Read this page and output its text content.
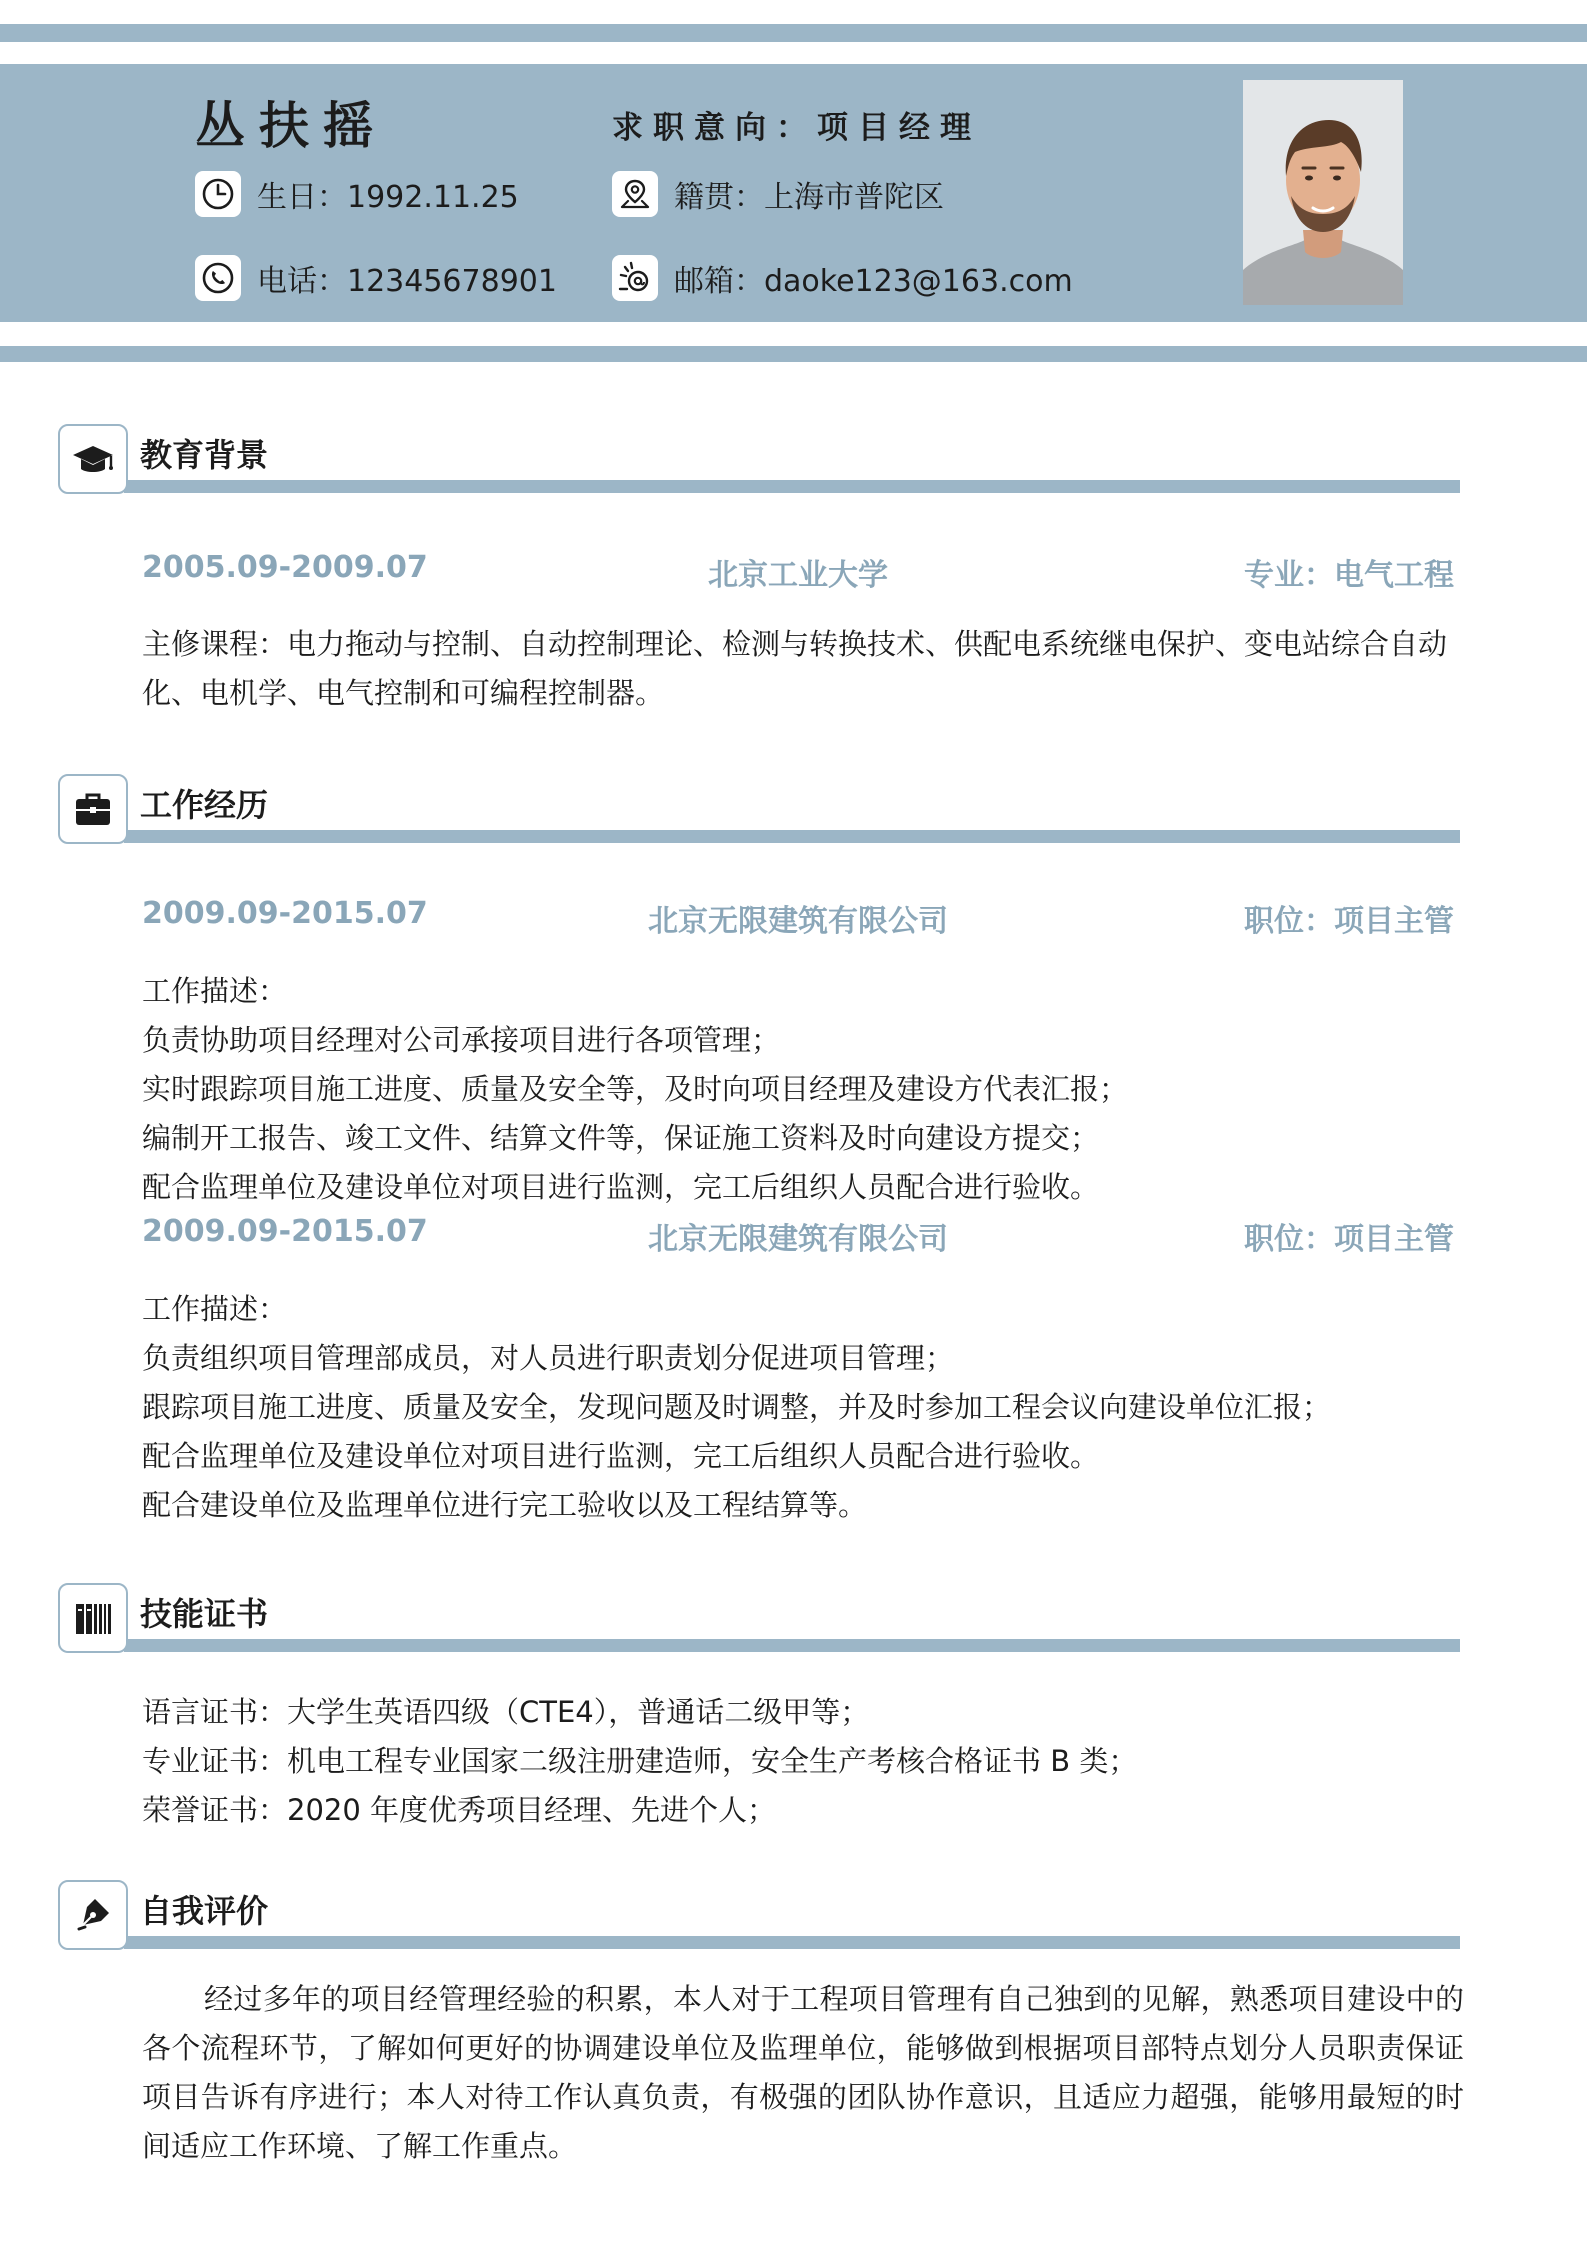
丛扶摇	求职意向：项目经理
生日：1992.11.25	籍贯：上海市普陀区
电话：12345678901	邮箱：daoke123@163.com
教育背景
2005.09-2009.07	北京工业大学	专业：电气工程
主修课程：电力拖动与控制、自动控制理论、检测与转换技术、供配电系统继电保护、变电站综合自动
化、电机学、电气控制和可编程控制器。
工作经历
2009.09-2015.07	北京无限建筑有限公司	职位：项目主管
工作描述：
负责协助项目经理对公司承接项目进行各项管理；
实时跟踪项目施工进度、质量及安全等，及时向项目经理及建设方代表汇报；
编制开工报告、竣工文件、结算文件等，保证施工资料及时向建设方提交；
配合监理单位及建设单位对项目进行监测，完工后组织人员配合进行验收。
2009.09-2015.07	北京无限建筑有限公司	职位：项目主管
工作描述：
负责组织项目管理部成员，对人员进行职责划分促进项目管理；
跟踪项目施工进度、质量及安全，发现问题及时调整，并及时参加工程会议向建设单位汇报；
配合监理单位及建设单位对项目进行监测，完工后组织人员配合进行验收。
配合建设单位及监理单位进行完工验收以及工程结算等。
技能证书
语言证书：大学生英语四级（CTE4），普通话二级甲等；
专业证书：机电工程专业国家二级注册建造师，安全生产考核合格证书 B 类；
荣誉证书：2020 年度优秀项目经理、先进个人；
自我评价
经过多年的项目经管理经验的积累，本人对于工程项目管理有自己独到的见解，熟悉项目建设中的各个流程环节，了解如何更好的协调建设单位及监理单位，能够做到根据项目部特点划分人员职责保证项目告诉有序进行；本人对待工作认真负责，有极强的团队协作意识，且适应力超强，能够用最短的时间适应工作环境、了解工作重点。
